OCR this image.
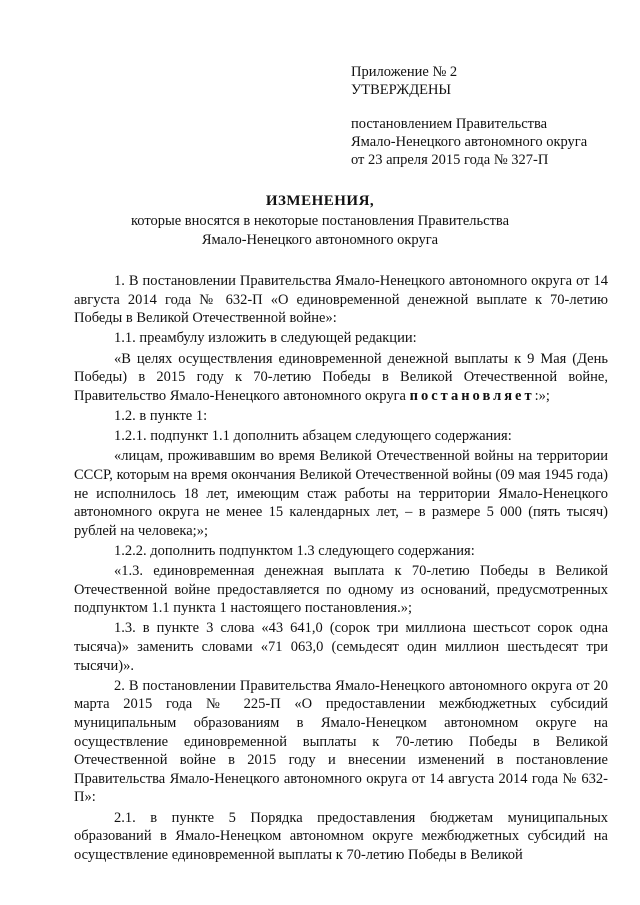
Приложение № 2
УТВЕРЖДЕНЫ
постановлением Правительства
Ямало-Ненецкого автономного округа
от 23 апреля 2015 года № 327-П
ИЗМЕНЕНИЯ,
которые вносятся в некоторые постановления Правительства
Ямало-Ненецкого автономного округа

1. В постановлении Правительства Ямало-Ненецкого автономного округа от 14 августа 2014 года № 632-П «О единовременной денежной выплате к 70-летию Победы в Великой Отечественной войне»:

1.1. преамбулу изложить в следующей редакции:

«В целях осуществления единовременной денежной выплаты к 9 Мая (День Победы) в 2015 году к 70-летию Победы в Великой Отечественной войне, Правительство Ямало-Ненецкого автономного округа постановляет:»;

1.2. в пункте 1:

1.2.1. подпункт 1.1 дополнить абзацем следующего содержания:

«лицам, проживавшим во время Великой Отечественной войны на территории СССР, которым на время окончания Великой Отечественной войны (09 мая 1945 года) не исполнилось 18 лет, имеющим стаж работы на территории Ямало-Ненецкого автономного округа не менее 15 календарных лет, – в размере 5 000 (пять тысяч) рублей на человека;»;

1.2.2. дополнить подпунктом 1.3 следующего содержания:

«1.3. единовременная денежная выплата к 70-летию Победы в Великой Отечественной войне предоставляется по одному из оснований, предусмотренных подпунктом 1.1 пункта 1 настоящего постановления.»;

1.3. в пункте 3 слова «43 641,0 (сорок три миллиона шестьсот сорок одна тысяча)» заменить словами «71 063,0 (семьдесят один миллион шестьдесят три тысячи)».

2. В постановлении Правительства Ямало-Ненецкого автономного округа от 20 марта 2015 года № 225-П «О предоставлении межбюджетных субсидий муниципальным образованиям в Ямало-Ненецком автономном округе на осуществление единовременной выплаты к 70-летию Победы в Великой Отечественной войне в 2015 году и внесении изменений в постановление Правительства Ямало-Ненецкого автономного округа от 14 августа 2014 года № 632-П»:

2.1. в пункте 5 Порядка предоставления бюджетам муниципальных образований в Ямало-Ненецком автономном округе межбюджетных субсидий на осуществление единовременной выплаты к 70-летию Победы в Великой
